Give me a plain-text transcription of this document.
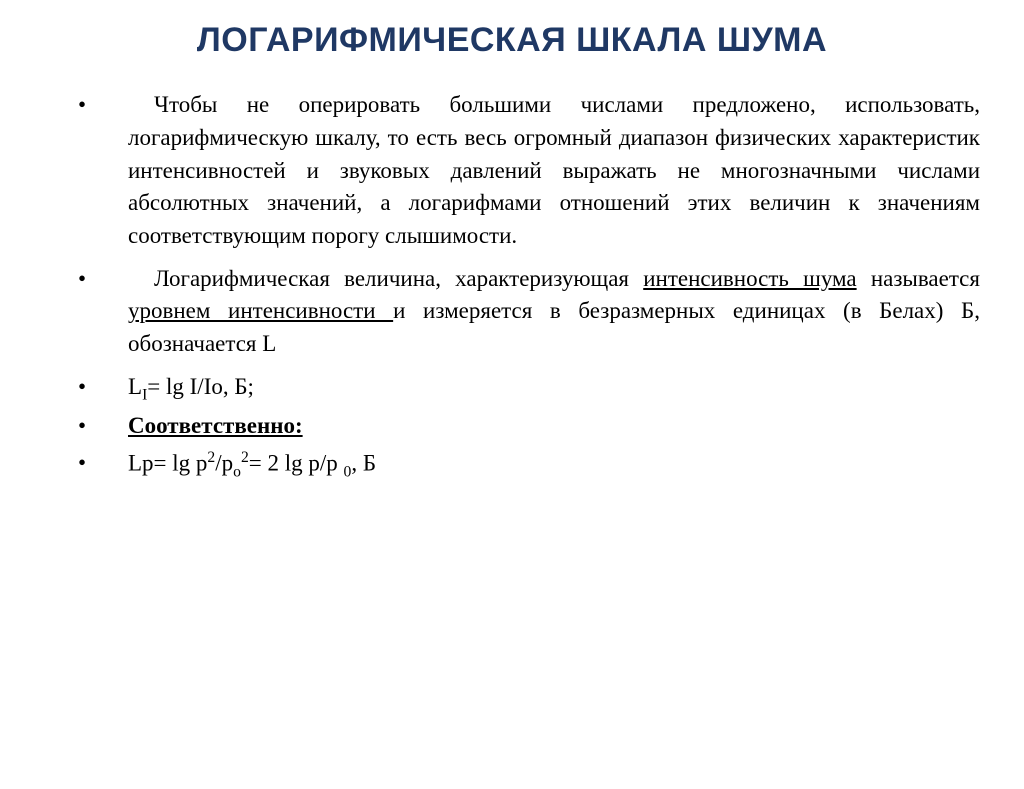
ЛОГАРИФМИЧЕСКАЯ ШКАЛА ШУМА
•	Чтобы не оперировать большими числами предложено, использовать, логарифмическую шкалу, то есть весь огромный диапазон физических характеристик интенсивностей и звуковых давлений выражать не многозначными числами абсолютных значений, а логарифмами отношений этих величин к значениям соответствующим порогу слышимости.
•	Логарифмическая величина, характеризующая интенсивность шума называется уровнем интенсивности и измеряется в безразмерных единицах (в Белах) Б, обозначается L
•	$L_I= \lg I/Iо$, Б;
•	Соответственно:
•	$Lp= \lg p^2/p_o^2= 2$ lg p/p $_0$, Б
